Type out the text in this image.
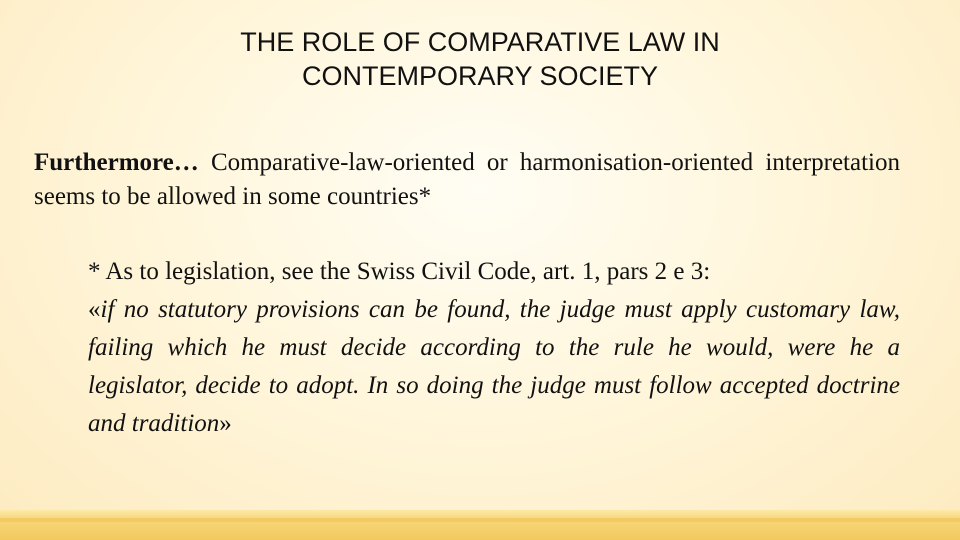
THE ROLE OF COMPARATIVE LAW IN
CONTEMPORARY SOCIETY

Furthermore… Comparative-law-oriented or harmonisation-oriented interpretation seems to be allowed in some countries*

* As to legislation, see the Swiss Civil Code, art. 1, pars 2 e 3:
«if no statutory provisions can be found, the judge must apply customary law, failing which he must decide according to the rule he would, were he a legislator, decide to adopt. In so doing the judge must follow accepted doctrine and tradition»
